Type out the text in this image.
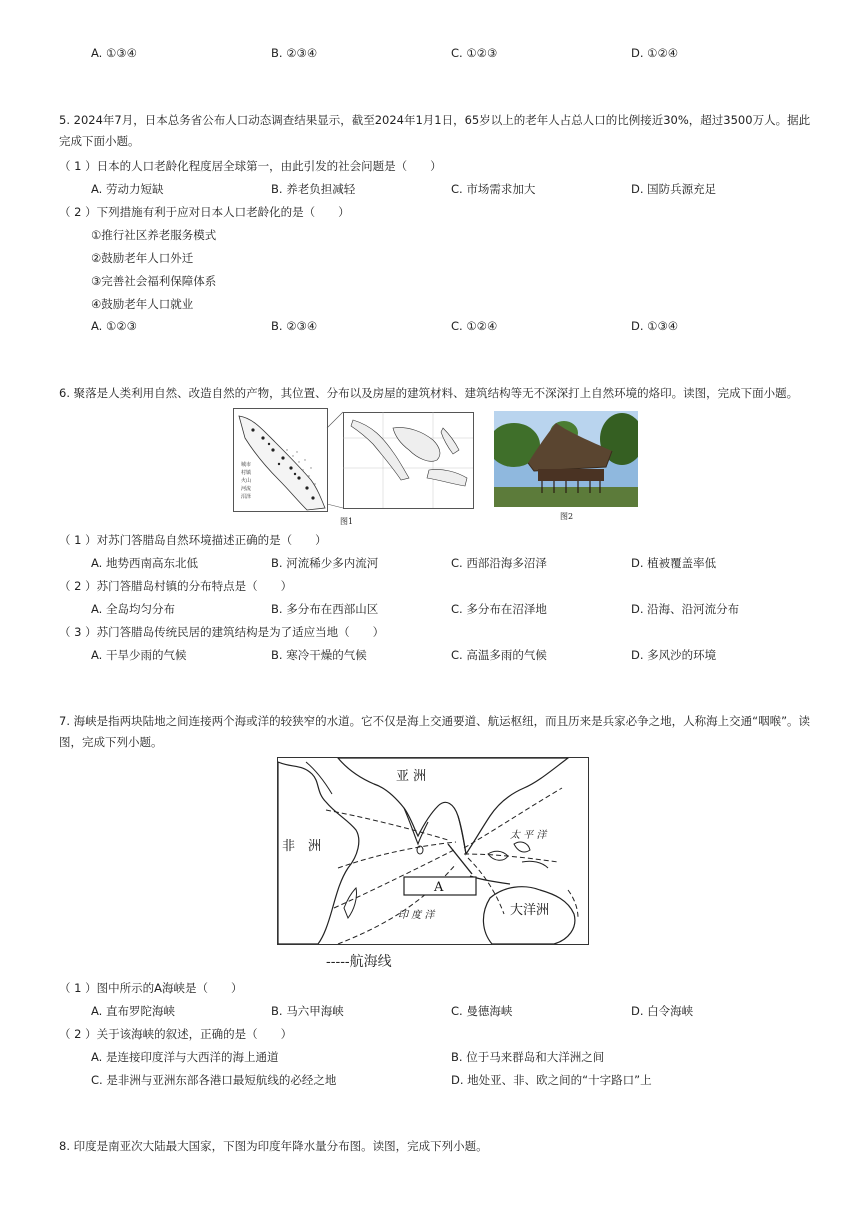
A. ①③④	B. ②③④	C. ①②③	D. ①②④
5. 2024年7月，日本总务省公布人口动态调查结果显示，截至2024年1月1日，65岁以上的老年人占总人口的比例接近30%，超过3500万人。据此完成下面小题。
（ 1 ）日本的人口老龄化程度居全球第一，由此引发的社会问题是（　　）
A. 劳动力短缺	B. 养老负担减轻	C. 市场需求加大	D. 国防兵源充足
（ 2 ）下列措施有利于应对日本人口老龄化的是（　　）
①推行社区养老服务模式
②鼓励老年人口外迁
③完善社会福利保障体系
④鼓励老年人口就业
A. ①②③	B. ②③④	C. ①②④	D. ①③④
6. 聚落是人类利用自然、改造自然的产物，其位置、分布以及房屋的建筑材料、建筑结构等无不深深打上自然环境的烙印。读图，完成下面小题。
城市
村镇
火山
河流
沼泽
图1
图2
（ 1 ）对苏门答腊岛自然环境描述正确的是（　　）
A. 地势西南高东北低	B. 河流稀少多内流河	C. 西部沿海多沼泽	D. 植被覆盖率低
（ 2 ）苏门答腊岛村镇的分布特点是（　　）
A. 全岛均匀分布	B. 多分布在西部山区	C. 多分布在沼泽地	D. 沿海、沿河流分布
（ 3 ）苏门答腊岛传统民居的建筑结构是为了适应当地（　　）
A. 干旱少雨的气候	B. 寒冷干燥的气候	C. 高温多雨的气候	D. 多风沙的环境
7. 海峡是指两块陆地之间连接两个海或洋的较狭窄的水道。它不仅是海上交通要道、航运枢纽，而且历来是兵家必争之地，人称海上交通“咽喉”。读图，完成下列小题。
亚 洲
非　洲
太 平 洋
印 度 洋	大洋洲
A
-----航海线
（ 1 ）图中所示的A海峡是（　　）
A. 直布罗陀海峡	B. 马六甲海峡	C. 曼德海峡	D. 白令海峡
（ 2 ）关于该海峡的叙述，正确的是（　　）
A. 是连接印度洋与大西洋的海上通道	B. 位于马来群岛和大洋洲之间
C. 是非洲与亚洲东部各港口最短航线的必经之地	D. 地处亚、非、欧之间的“十字路口”上
8. 印度是南亚次大陆最大国家，下图为印度年降水量分布图。读图，完成下列小题。
